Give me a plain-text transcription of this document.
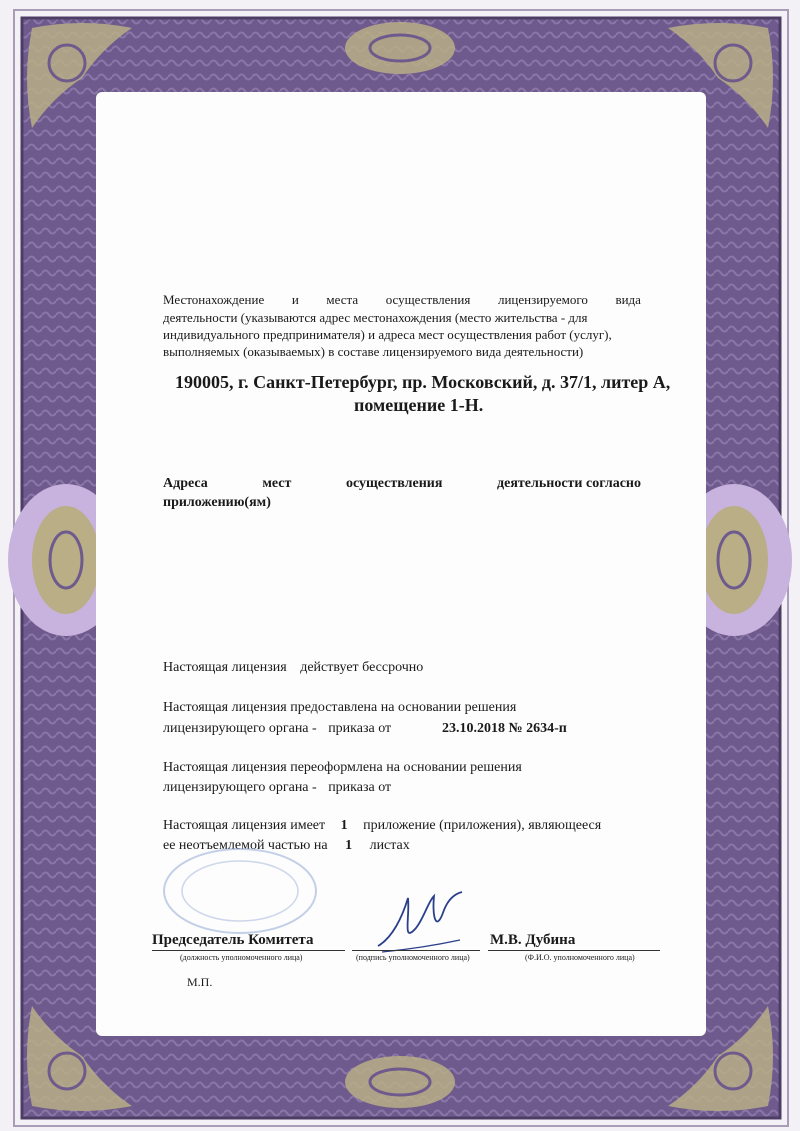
Местонахождение и места осуществления лицензируемого вида
деятельности (указываются адрес местонахождения (место жительства - для
индивидуального предпринимателя) и адреса мест осуществления работ (услуг),
выполняемых (оказываемых) в составе лицензируемого вида деятельности)
190005, г. Санкт-Петербург, пр. Московский, д. 37/1, литер А,
помещение 1-Н.
Адреса	мест	осуществления	деятельности согласно
приложению(ям)
Настоящая лицензия действует бессрочно
Настоящая лицензия предоставлена на основании решения
лицензирующего органа - приказа от	23.10.2018 № 2634-п
Настоящая лицензия переоформлена на основании решения
лицензирующего органа - приказа от
Настоящая лицензия имеет 1 приложение (приложения), являющееся
ее неотъемлемой частью на 1 листах
Председатель Комитета	М.В. Дубина
(должность уполномоченного лица)	(подпись уполномоченного лица)	(Ф.И.О. уполномоченного лица)
М.П.
